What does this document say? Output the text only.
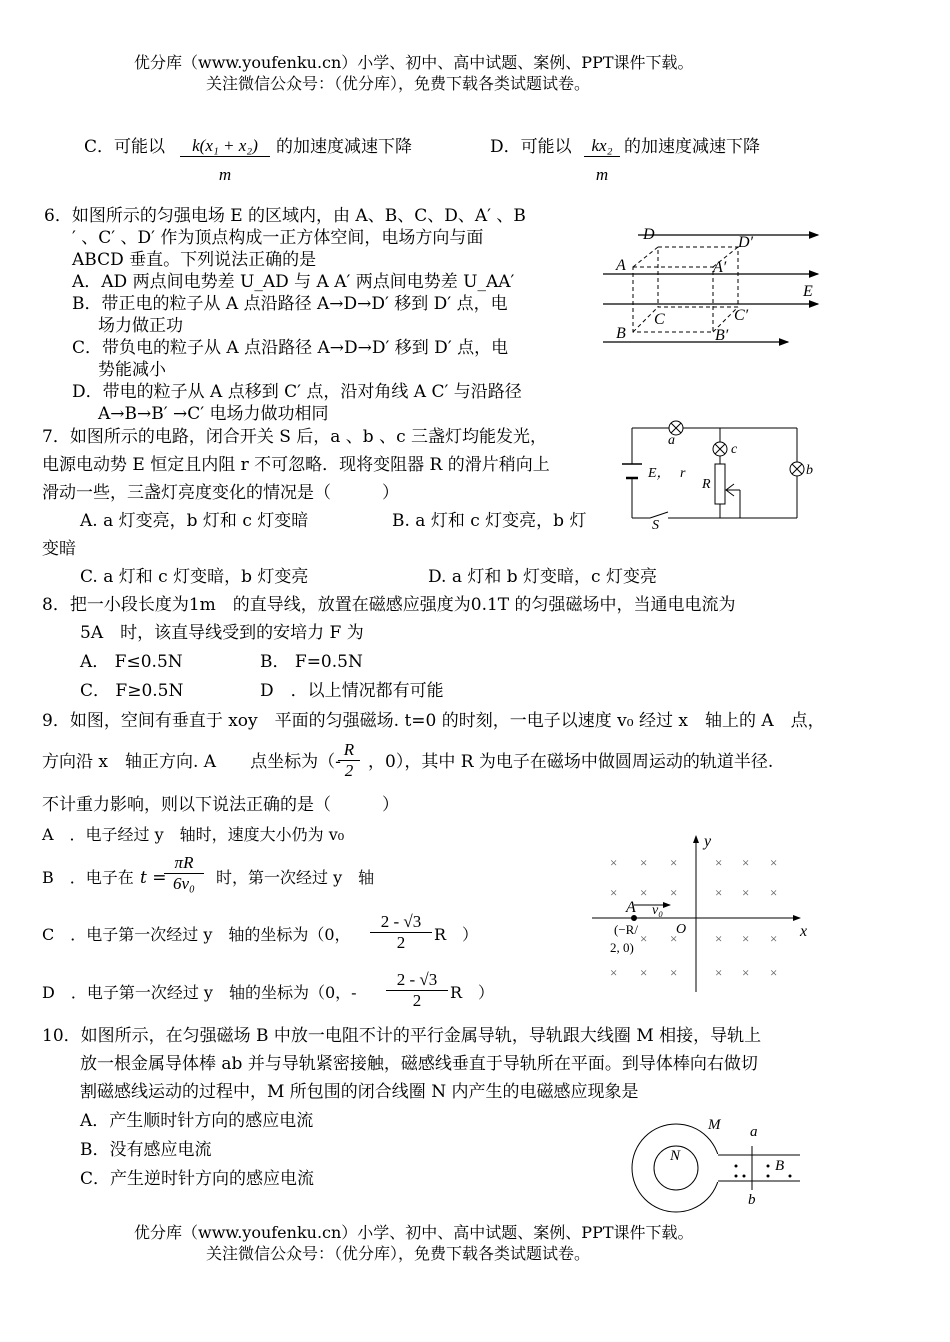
优分库（www.youfenku.cn）小学、初中、高中试题、案例、PPT课件下载。
关注微信公众号：（优分库），免费下载各类试题试卷。
C．可能以 $\frac{\text{k(x₁ + x₂)}}{m}$ 的加速度减速下降	D．可能以 $\frac{\text{kx₂}}{m}$ 的加速度减速下降
6．如图所示的匀强电场 E 的区域内，由 A、B、C、D、A′ 、B
′ 、C′ 、D′ 作为顶点构成一正方体空间，电场方向与面
ABCD 垂直。下列说法正确的是
A．AD 两点间电势差 U_AD 与 A A′ 两点间电势差 U_AA′
B．带正电的粒子从 A 点沿路径 A→D→D′ 移到 D′ 点，电
场力做正功
C．带负电的粒子从 A 点沿路径 A→D→D′ 移到 D′ 点，电
势能减小
D．带电的粒子从 A 点移到 C′ 点，沿对角线 A C′ 与沿路径
A→B→B′ →C′ 电场力做功相同
D	D′
A	A′
E
C	C′
B	B′
7．如图所示的电路，闭合开关 S 后，a 、b 、c 三盏灯均能发光，
电源电动势 E 恒定且内阻 r 不可忽略．现将变阻器 R 的滑片稍向上
滑动一些，三盏灯亮度变化的情况是（　　　）
A. a 灯变亮，b 灯和 c 灯变暗	B. a 灯和 c 灯变亮，b 灯
变暗
C. a 灯和 c 灯变暗，b 灯变亮	D. a 灯和 b 灯变暗，c 灯变亮
a
c
b
E， r
R
S
8．把一小段长度为1m　的直导线，放置在磁感应强度为0.1T 的匀强磁场中，当通电电流为
5A　时，该直导线受到的安培力 F 为
A． F≤0.5N	B． F=0.5N
C． F≥0.5N	D　．以上情况都有可能
9．如图，空间有垂直于 xoy　平面的匀强磁场. t=0 的时刻，一电子以速度 v₀ 经过 x　轴上的 A　点，
方向沿 x　轴正方向. A　　点坐标为（-
$\frac{R}{2}$ ，0），其中 R 为电子在磁场中做圆周运动的轨道半径.
不计重力影响，则以下说法正确的是（　　　）
A　．电子经过 y　轴时，速度大小仍为 v₀
B　．电子在 t =
$\frac{\pi R}{\text{6v₀}}$ 时，第一次经过 y　轴
C　．电子第一次经过 y　轴的坐标为（0， $\frac{2 - √3}{2}$ R　）
D　．电子第一次经过 y　轴的坐标为（0，- $\frac{2 - √3}{2}$ R　）
× × ×	× × ×
× × ×	× × ×
× ×	× × ×
× × ×	× × ×
y
x
A v₀
O
(−R/
2, 0)
10．如图所示，在匀强磁场 B 中放一电阻不计的平行金属导轨，导轨跟大线圈 M 相接，导轨上
放一根金属导体棒 ab 并与导轨紧密接触，磁感线垂直于导轨所在平面。到导体棒向右做切
割磁感线运动的过程中，M 所包围的闭合线圈 N 内产生的电磁感应现象是
A．产生顺时针方向的感应电流
B．没有感应电流
C．产生逆时针方向的感应电流
M a
N
B
b
优分库（www.youfenku.cn）小学、初中、高中试题、案例、PPT课件下载。
关注微信公众号：（优分库），免费下载各类试题试卷。
